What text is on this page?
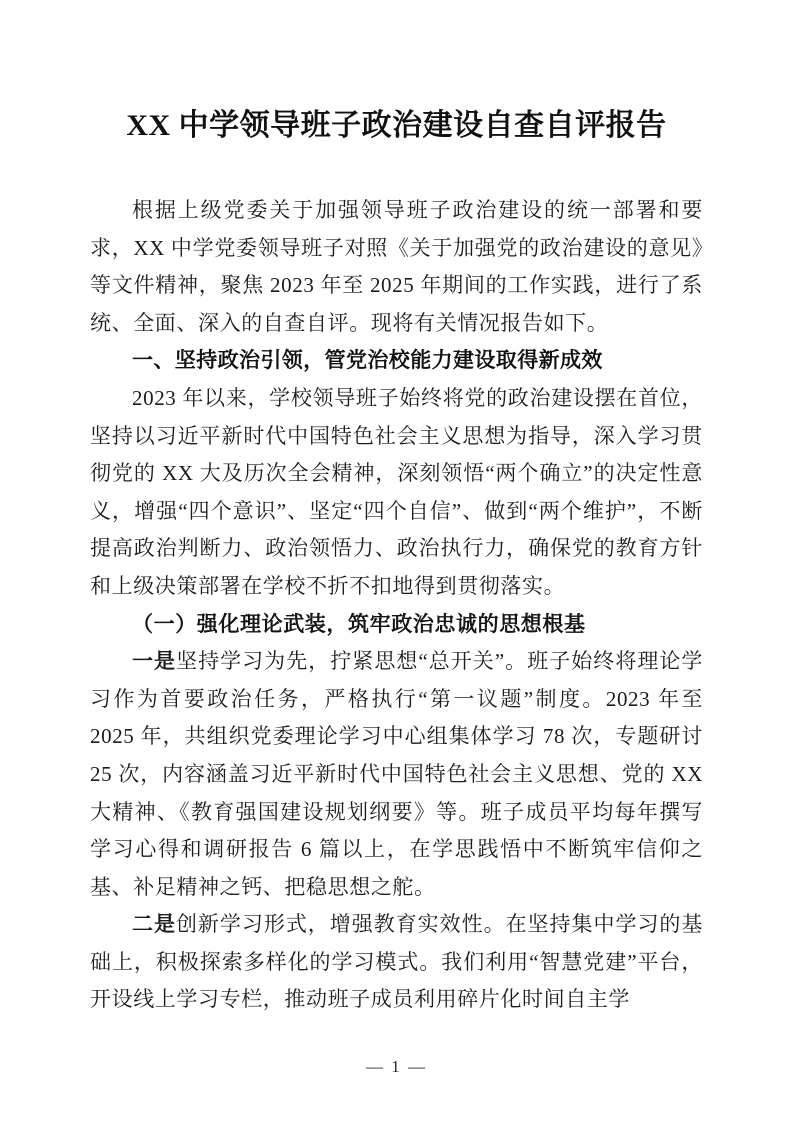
XX 中学领导班子政治建设自查自评报告

根据上级党委关于加强领导班子政治建设的统一部署和要求，XX 中学党委领导班子对照《关于加强党的政治建设的意见》等文件精神，聚焦 2023 年至 2025 年期间的工作实践，进行了系统、全面、深入的自查自评。现将有关情况报告如下。

一、坚持政治引领，管党治校能力建设取得新成效

2023 年以来，学校领导班子始终将党的政治建设摆在首位，坚持以习近平新时代中国特色社会主义思想为指导，深入学习贯彻党的 XX 大及历次全会精神，深刻领悟“两个确立”的决定性意义，增强“四个意识”、坚定“四个自信”、做到“两个维护”，不断提高政治判断力、政治领悟力、政治执行力，确保党的教育方针和上级决策部署在学校不折不扣地得到贯彻落实。

（一）强化理论武装，筑牢政治忠诚的思想根基

一是坚持学习为先，拧紧思想“总开关”。班子始终将理论学习作为首要政治任务，严格执行“第一议题”制度。2023 年至 2025 年，共组织党委理论学习中心组集体学习 78 次，专题研讨 25 次，内容涵盖习近平新时代中国特色社会主义思想、党的 XX 大精神、《教育强国建设规划纲要》等。班子成员平均每年撰写学习心得和调研报告 6 篇以上，在学思践悟中不断筑牢信仰之基、补足精神之钙、把稳思想之舵。

二是创新学习形式，增强教育实效性。在坚持集中学习的基础上，积极探索多样化的学习模式。我们利用“智慧党建”平台，开设线上学习专栏，推动班子成员利用碎片化时间自主学

— 1 —
